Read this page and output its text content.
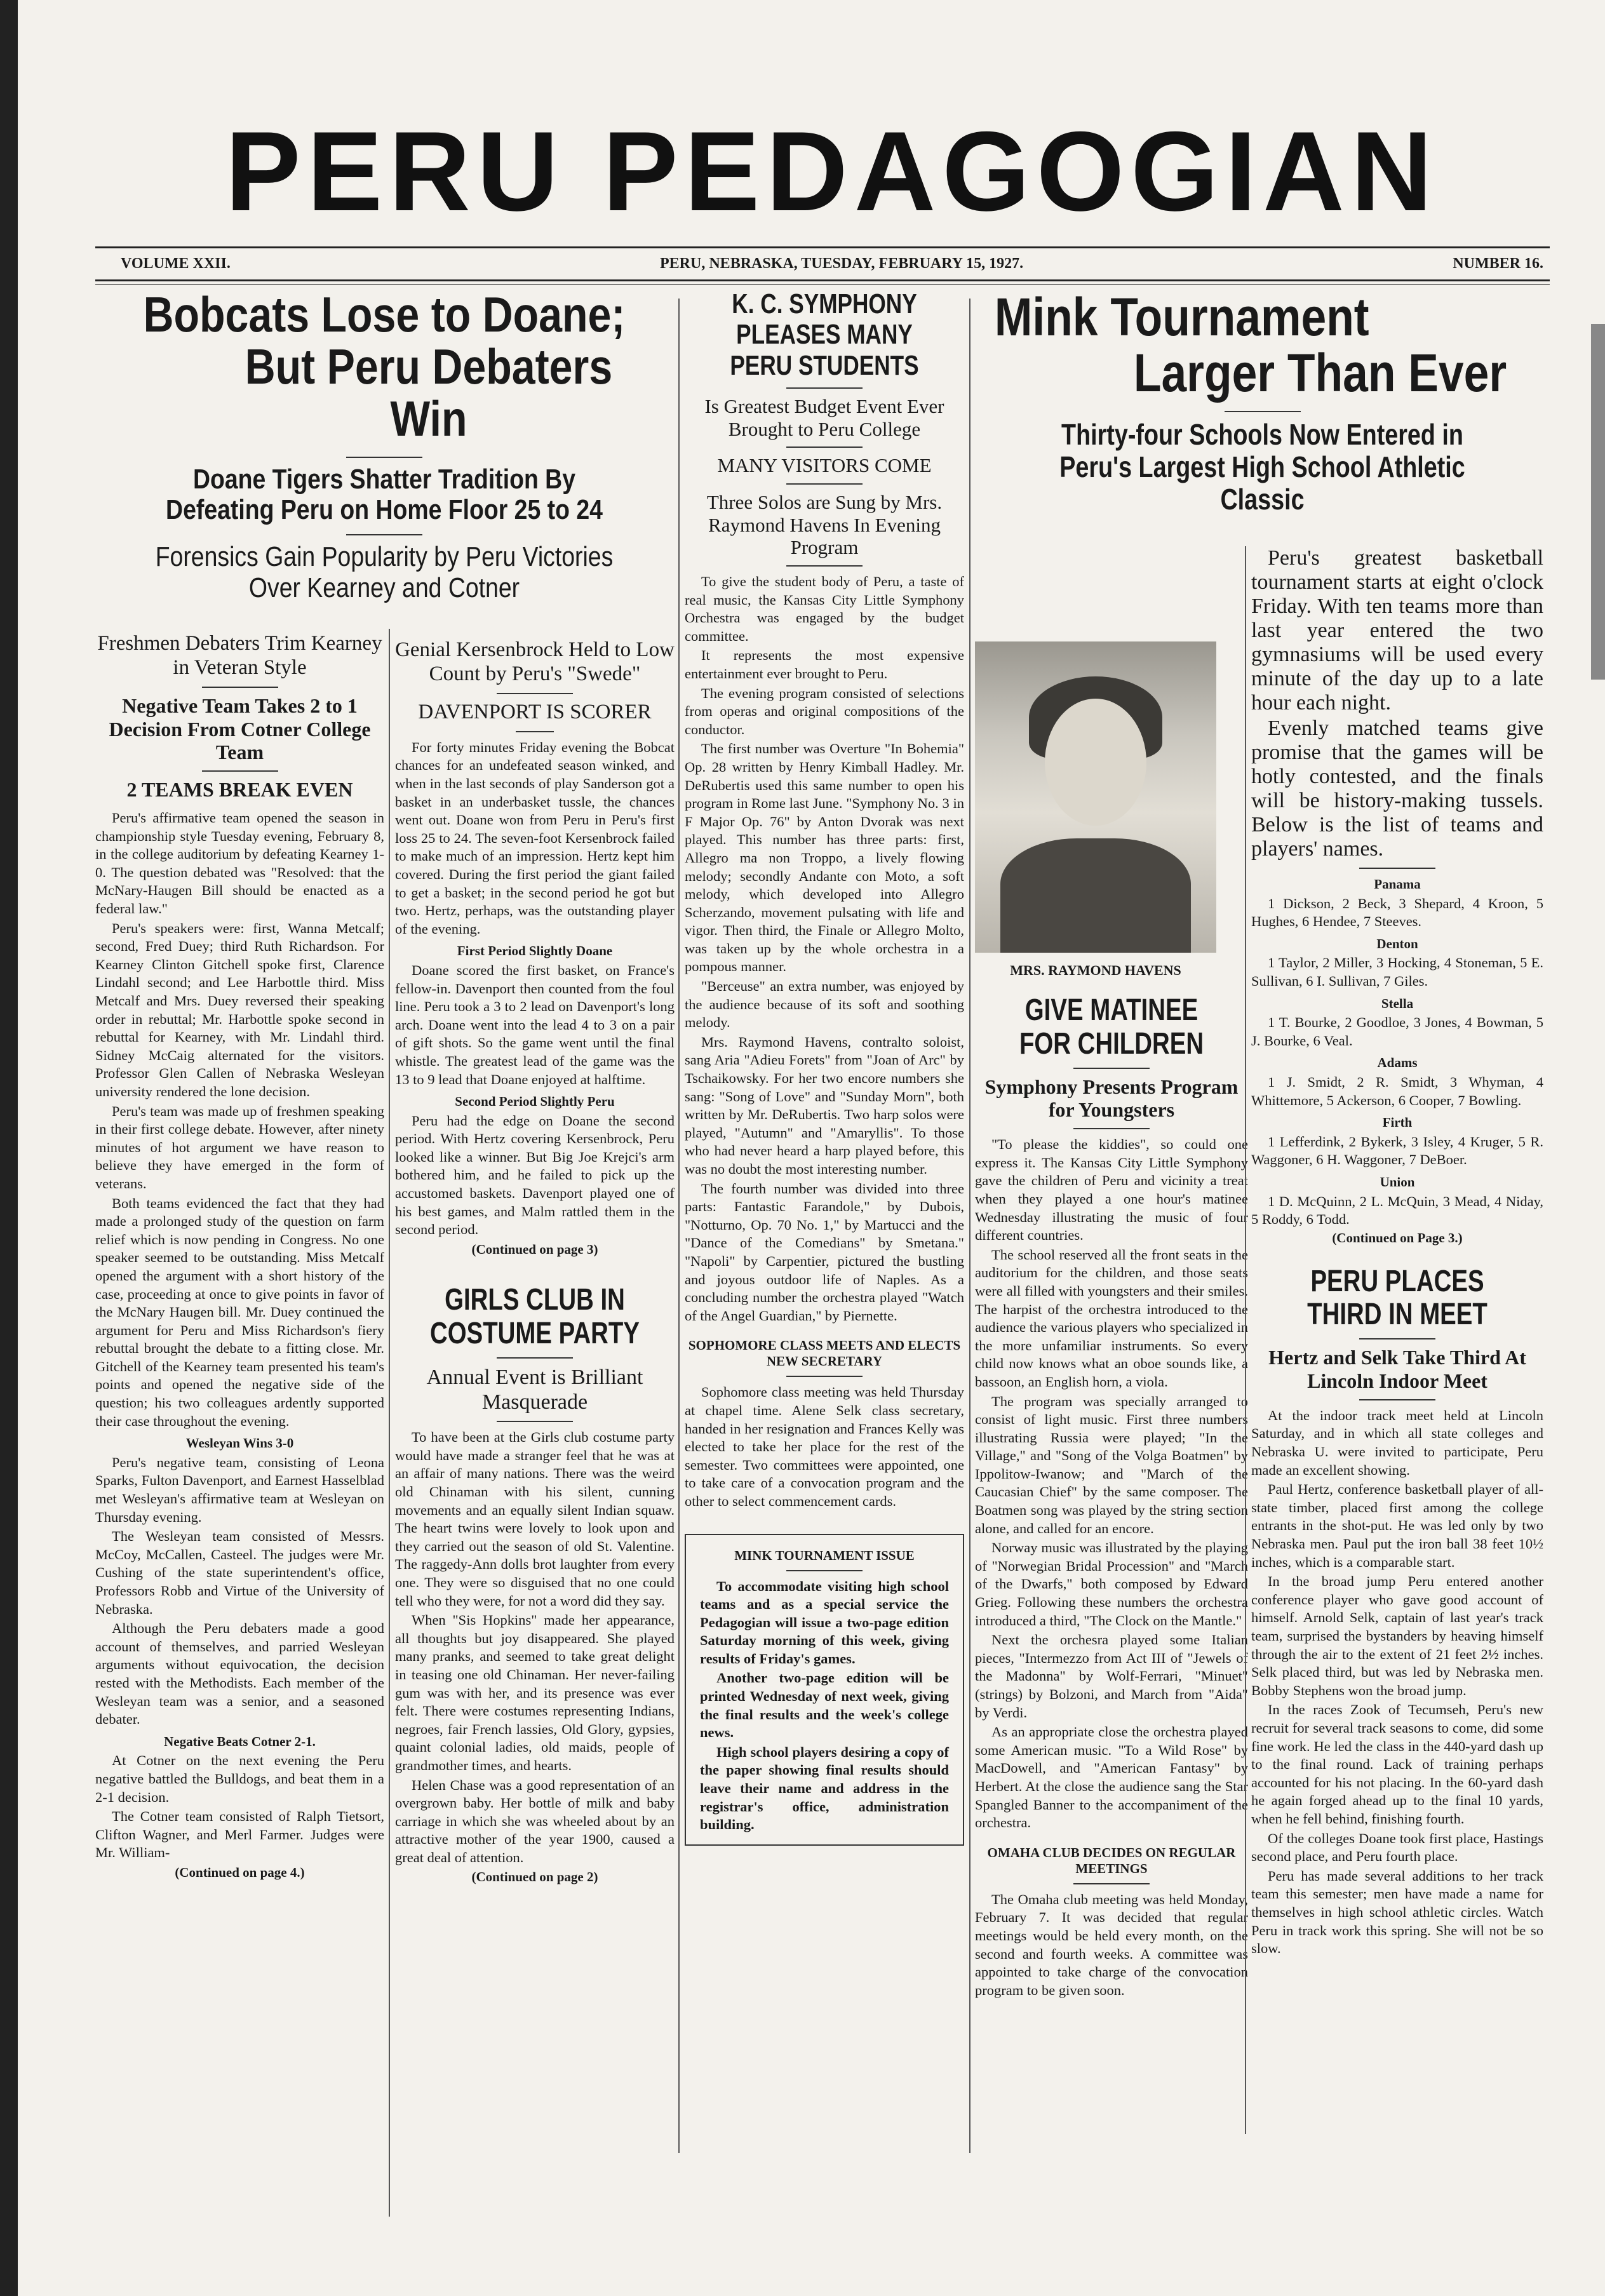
PERU PEDAGOGIAN
VOLUME XXII.	PERU, NEBRASKA, TUESDAY, FEBRUARY 15, 1927.	NUMBER 16.
Bobcats Lose to Doane;
But Peru Debaters Win
Doane Tigers Shatter Tradition By Defeating Peru on Home Floor 25 to 24
Forensics Gain Popularity by Peru Victories Over Kearney and Cotner
Freshmen Debaters Trim Kearney in Veteran Style
Negative Team Takes 2 to 1 Decision From Cotner College Team
2 TEAMS BREAK EVEN

Peru's affirmative team opened the season in championship style Tuesday evening, February 8, in the college auditorium by defeating Kearney 1-0. The question debated was "Resolved: that the McNary-Haugen Bill should be enacted as a federal law."

Peru's speakers were: first, Wanna Metcalf; second, Fred Duey; third Ruth Richardson. For Kearney Clinton Gitchell spoke first, Clarence Lindahl second; and Lee Harbottle third. Miss Metcalf and Mrs. Duey reversed their speaking order in rebuttal; Mr. Harbottle spoke second in rebuttal for Kearney, with Mr. Lindahl third. Sidney McCaig alternated for the visitors. Professor Glen Callen of Nebraska Wesleyan university rendered the lone decision.

Peru's team was made up of freshmen speaking in their first college debate. However, after ninety minutes of hot argument we have reason to believe they have emerged in the form of veterans.

Both teams evidenced the fact that they had made a prolonged study of the question on farm relief which is now pending in Congress. No one speaker seemed to be outstanding. Miss Metcalf opened the argument with a short history of the case, proceeding at once to give points in favor of the McNary Haugen bill. Mr. Duey continued the argument for Peru and Miss Richardson's fiery rebuttal brought the debate to a fitting close. Mr. Gitchell of the Kearney team presented his team's points and opened the negative side of the question; his two colleagues ardently supported their case throughout the evening.

Wesleyan Wins 3-0

Peru's negative team, consisting of Leona Sparks, Fulton Davenport, and Earnest Hasselblad met Wesleyan's affirmative team at Wesleyan on Thursday evening.

The Wesleyan team consisted of Messrs. McCoy, McCallen, Casteel. The judges were Mr. Cushing of the state superintendent's office, Professors Robb and Virtue of the University of Nebraska.

Although the Peru debaters made a good account of themselves, and parried Wesleyan arguments without equivocation, the decision rested with the Methodists. Each member of the Wesleyan team was a senior, and a seasoned debater.

Negative Beats Cotner 2-1.

At Cotner on the next evening the Peru negative battled the Bulldogs, and beat them in a 2-1 decision.

The Cotner team consisted of Ralph Tietsort, Clifton Wagner, and Merl Farmer. Judges were Mr. William-

(Continued on page 4.)
Genial Kersenbrock Held to Low Count by Peru's "Swede"
DAVENPORT IS SCORER

For forty minutes Friday evening the Bobcat chances for an undefeated season winked, and when in the last seconds of play Sanderson got a basket in an underbasket tussle, the chances went out. Doane won from Peru in Peru's first loss 25 to 24. The seven-foot Kersenbrock failed to make much of an impression. Hertz kept him covered. During the first period the giant failed to get a basket; in the second period he got but two. Hertz, perhaps, was the outstanding player of the evening.

First Period Slightly Doane

Doane scored the first basket, on France's fellow-in. Davenport then counted from the foul line. Peru took a 3 to 2 lead on Davenport's long arch. Doane went into the lead 4 to 3 on a pair of gift shots. So the game went until the final whistle. The greatest lead of the game was the 13 to 9 lead that Doane enjoyed at halftime.

Second Period Slightly Peru

Peru had the edge on Doane the second period. With Hertz covering Kersenbrock, Peru looked like a winner. But Big Joe Krejci's arm bothered him, and he failed to pick up the accustomed baskets. Davenport played one of his best games, and Malm rattled them in the second period.

(Continued on page 3)
GIRLS CLUB IN COSTUME PARTY
Annual Event is Brilliant Masquerade

To have been at the Girls club costume party would have made a stranger feel that he was at an affair of many nations. There was the weird old Chinaman with his silent, cunning movements and an equally silent Indian squaw. The heart twins were lovely to look upon and they carried out the season of old St. Valentine. The raggedy-Ann dolls brot laughter from every one. They were so disguised that no one could tell who they were, for not a word did they say.

When "Sis Hopkins" made her appearance, all thoughts but joy disappeared. She played many pranks, and seemed to take great delight in teasing one old Chinaman. Her never-failing gum was with her, and its presence was ever felt. There were costumes representing Indians, negroes, fair French lassies, Old Glory, gypsies, quaint colonial ladies, old maids, people of grandmother times, and hearts.

Helen Chase was a good representation of an overgrown baby. Her bottle of milk and baby carriage in which she was wheeled about by an attractive mother of the year 1900, caused a great deal of attention.

(Continued on page 2)
K. C. SYMPHONY PLEASES MANY PERU STUDENTS
Is Greatest Budget Event Ever Brought to Peru College
MANY VISITORS COME
Three Solos are Sung by Mrs. Raymond Havens In Evening Program

To give the student body of Peru, a taste of real music, the Kansas City Little Symphony Orchestra was engaged by the budget committee.

It represents the most expensive entertainment ever brought to Peru.

The evening program consisted of selections from operas and original compositions of the conductor.

The first number was Overture "In Bohemia" Op. 28 written by Henry Kimball Hadley. Mr. DeRubertis used this same number to open his program in Rome last June. "Symphony No. 3 in F Major Op. 76" by Anton Dvorak was next played. This number has three parts: first, Allegro ma non Troppo, a lively flowing melody; secondly Andante con Moto, a soft melody, which developed into Allegro Scherzando, movement pulsating with life and vigor. Then third, the Finale or Allegro Molto, was taken up by the whole orchestra in a pompous manner.

"Berceuse" an extra number, was enjoyed by the audience because of its soft and soothing melody.

Mrs. Raymond Havens, contralto soloist, sang Aria "Adieu Forets" from "Joan of Arc" by Tschaikowsky. For her two encore numbers she sang: "Song of Love" and "Sunday Morn", both written by Mr. DeRubertis. Two harp solos were played, "Autumn" and "Amaryllis". To those who had never heard a harp played before, this was no doubt the most interesting number.

The fourth number was divided into three parts: Fantastic Farandole," by Dubois, "Notturno, Op. 70 No. 1," by Martucci and the "Dance of the Comedians" by Smetana." "Napoli" by Carpentier, pictured the bustling and joyous outdoor life of Naples. As a concluding number the orchestra played "Watch of the Angel Guardian," by Piernette.

SOPHOMORE CLASS MEETS AND ELECTS NEW SECRETARY

Sophomore class meeting was held Thursday at chapel time. Alene Selk class secretary, handed in her resignation and Frances Kelly was elected to take her place for the rest of the semester. Two committees were appointed, one to take care of a convocation program and the other to select commencement cards.

MINK TOURNAMENT ISSUE

To accommodate visiting high school teams and as a special service the Pedagogian will issue a two-page edition Saturday morning of this week, giving results of Friday's games.

Another two-page edition will be printed Wednesday of next week, giving the final results and the week's college news.

High school players desiring a copy of the paper showing final results should leave their name and address in the registrar's office, administration building.

Mink Tournament
Larger Than Ever
Thirty-four Schools Now Entered in Peru's Largest High School Athletic Classic
MRS. RAYMOND HAVENS
GIVE MATINEE FOR CHILDREN
Symphony Presents Program for Youngsters

"To please the kiddies", so could one express it. The Kansas City Little Symphony gave the children of Peru and vicinity a treat when they played a one hour's matinee Wednesday illustrating the music of four different countries.

The school reserved all the front seats in the auditorium for the children, and those seats were all filled with youngsters and their smiles. The harpist of the orchestra introduced to the audience the various players who specialized in the more unfamiliar instruments. So every child now knows what an oboe sounds like, a bassoon, an English horn, a viola.

The program was specially arranged to consist of light music. First three numbers illustrating Russia were played; "In the Village," and "Song of the Volga Boatmen" by Ippolitow-Iwanow; and "March of the Caucasian Chief" by the same composer. The Boatmen song was played by the string section alone, and called for an encore.

Norway music was illustrated by the playing of "Norwegian Bridal Procession" and "March of the Dwarfs," both composed by Edward Grieg. Following these numbers the orchestra introduced a third, "The Clock on the Mantle."

Next the orchesra played some Italian pieces, "Intermezzo from Act III of "Jewels of the Madonna" by Wolf-Ferrari, "Minuet" (strings) by Bolzoni, and March from "Aida" by Verdi.

As an appropriate close the orchestra played some American music. "To a Wild Rose" by MacDowell, and "American Fantasy" by Herbert. At the close the audience sang the Star Spangled Banner to the accompaniment of the orchestra.

OMAHA CLUB DECIDES ON REGULAR MEETINGS

The Omaha club meeting was held Monday, February 7. It was decided that regular meetings would be held every month, on the second and fourth weeks. A committee was appointed to take charge of the convocation program to be given soon.

Peru's greatest basketball tournament starts at eight o'clock Friday. With ten teams more than last year entered the two gymnasiums will be used every minute of the day up to a late hour each night.

Evenly matched teams give promise that the games will be hotly contested, and the finals will be history-making tussels. Below is the list of teams and players' names.

Panama

1 Dickson, 2 Beck, 3 Shepard, 4 Kroon, 5 Hughes, 6 Hendee, 7 Steeves.

Denton

1 Taylor, 2 Miller, 3 Hocking, 4 Stoneman, 5 E. Sullivan, 6 I. Sullivan, 7 Giles.

Stella

1 T. Bourke, 2 Goodloe, 3 Jones, 4 Bowman, 5 J. Bourke, 6 Veal.

Adams

1 J. Smidt, 2 R. Smidt, 3 Whyman, 4 Whittemore, 5 Ackerson, 6 Cooper, 7 Bowling.

Firth

1 Lefferdink, 2 Bykerk, 3 Isley, 4 Kruger, 5 R. Waggoner, 6 H. Waggoner, 7 DeBoer.

Union

1 D. McQuinn, 2 L. McQuin, 3 Mead, 4 Niday, 5 Roddy, 6 Todd.

(Continued on Page 3.)
PERU PLACES THIRD IN MEET
Hertz and Selk Take Third At Lincoln Indoor Meet

At the indoor track meet held at Lincoln Saturday, and in which all state colleges and Nebraska U. were invited to participate, Peru made an excellent showing.

Paul Hertz, conference basketball player of all-state timber, placed first among the college entrants in the shot-put. He was led only by two Nebraska men. Paul put the iron ball 38 feet 10½ inches, which is a comparable start.

In the broad jump Peru entered another conference player who gave good account of himself. Arnold Selk, captain of last year's track team, surprised the bystanders by heaving himself through the air to the extent of 21 feet 2½ inches. Selk placed third, but was led by Nebraska men. Bobby Stephens won the broad jump.

In the races Zook of Tecumseh, Peru's new recruit for several track seasons to come, did some fine work. He led the class in the 440-yard dash up to the final round. Lack of training perhaps accounted for his not placing. In the 60-yard dash he again forged ahead up to the final 10 yards, when he fell behind, finishing fourth.

Of the colleges Doane took first place, Hastings second place, and Peru fourth place.

Peru has made several additions to her track team this semester; men have made a name for themselves in high school athletic circles. Watch Peru in track work this spring. She will not be so slow.
